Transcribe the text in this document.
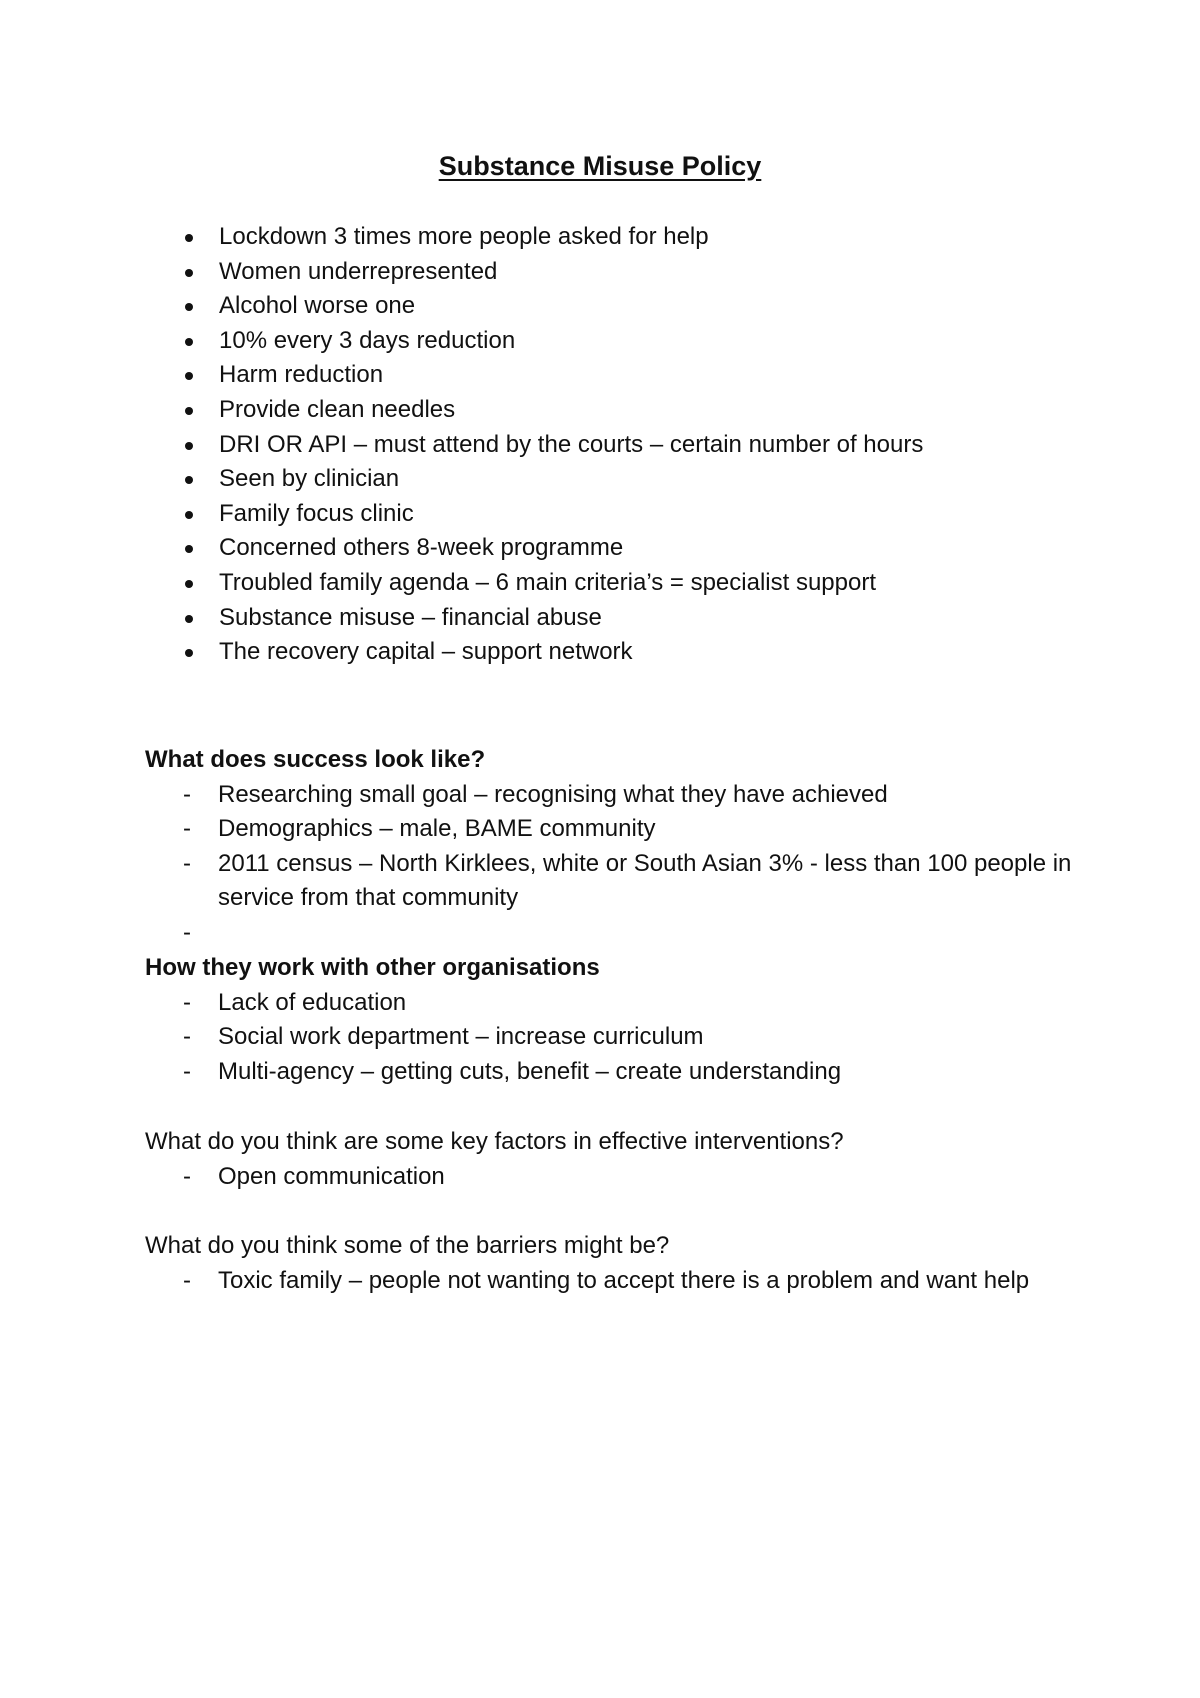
Substance Misuse Policy
Lockdown 3 times more people asked for help
Women underrepresented
Alcohol worse one
10% every 3 days reduction
Harm reduction
Provide clean needles
DRI OR API – must attend by the courts – certain number of hours
Seen by clinician
Family focus clinic
Concerned others 8-week programme
Troubled family agenda – 6 main criteria’s = specialist support
Substance misuse – financial abuse
The recovery capital – support network
What does success look like?
- Researching small goal – recognising what they have achieved
- Demographics – male, BAME community
- 2011 census – North Kirklees, white or South Asian 3% - less than 100 people in service from that community
-
How they work with other organisations
- Lack of education
- Social work department – increase curriculum
- Multi-agency – getting cuts, benefit – create understanding
What do you think are some key factors in effective interventions?
- Open communication
What do you think some of the barriers might be?
- Toxic family – people not wanting to accept there is a problem and want help
